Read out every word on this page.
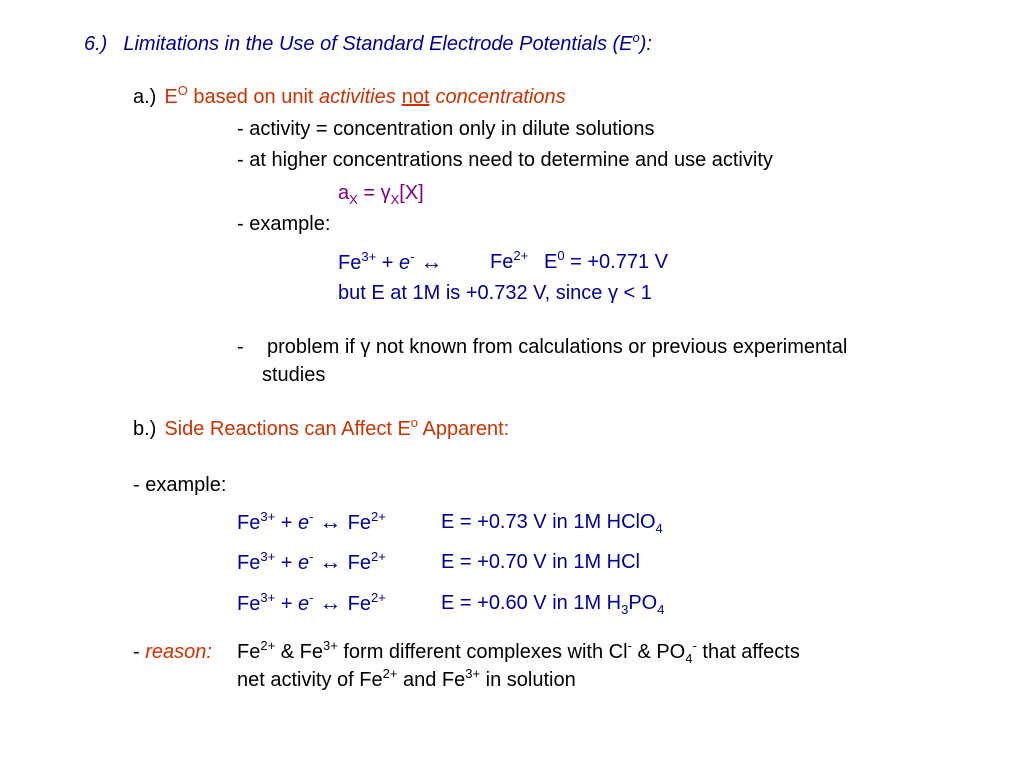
6.) Limitations in the Use of Standard Electrode Potentials $(E^o)$:
a.) $E^O$ based on unit activities not concentrations
- activity = concentration only in dilute solutions
- at higher concentrations need to determine and use activity
$a_X = \gamma_X[X]$
- example:
$Fe^{3+} + e^-$ ↔ $Fe^{2+}$ $E^0 = +0.771$ V
but E at 1M is +0.732 V, since γ < 1
- problem if γ not known from calculations or previous experimental
studies
b.) Side Reactions can Affect $E^o$ Apparent:
- example:
$Fe^{3+} + e^-$ ↔ $Fe^{2+}$	E = +0.73 V in 1M HClO$_4$
$Fe^{3+} + e^-$ ↔ $Fe^{2+}$	E = +0.70 V in 1M HCl
$Fe^{3+} + e^-$ ↔ $Fe^{2+}$	E = +0.60 V in 1M $H_3PO_4$
- reason: $Fe^{2+}$ & $Fe^{3+}$ form different complexes with Cl- & $PO_4^-$ that affects
net activity of $Fe^{2+}$ and $Fe^{3+}$ in solution
